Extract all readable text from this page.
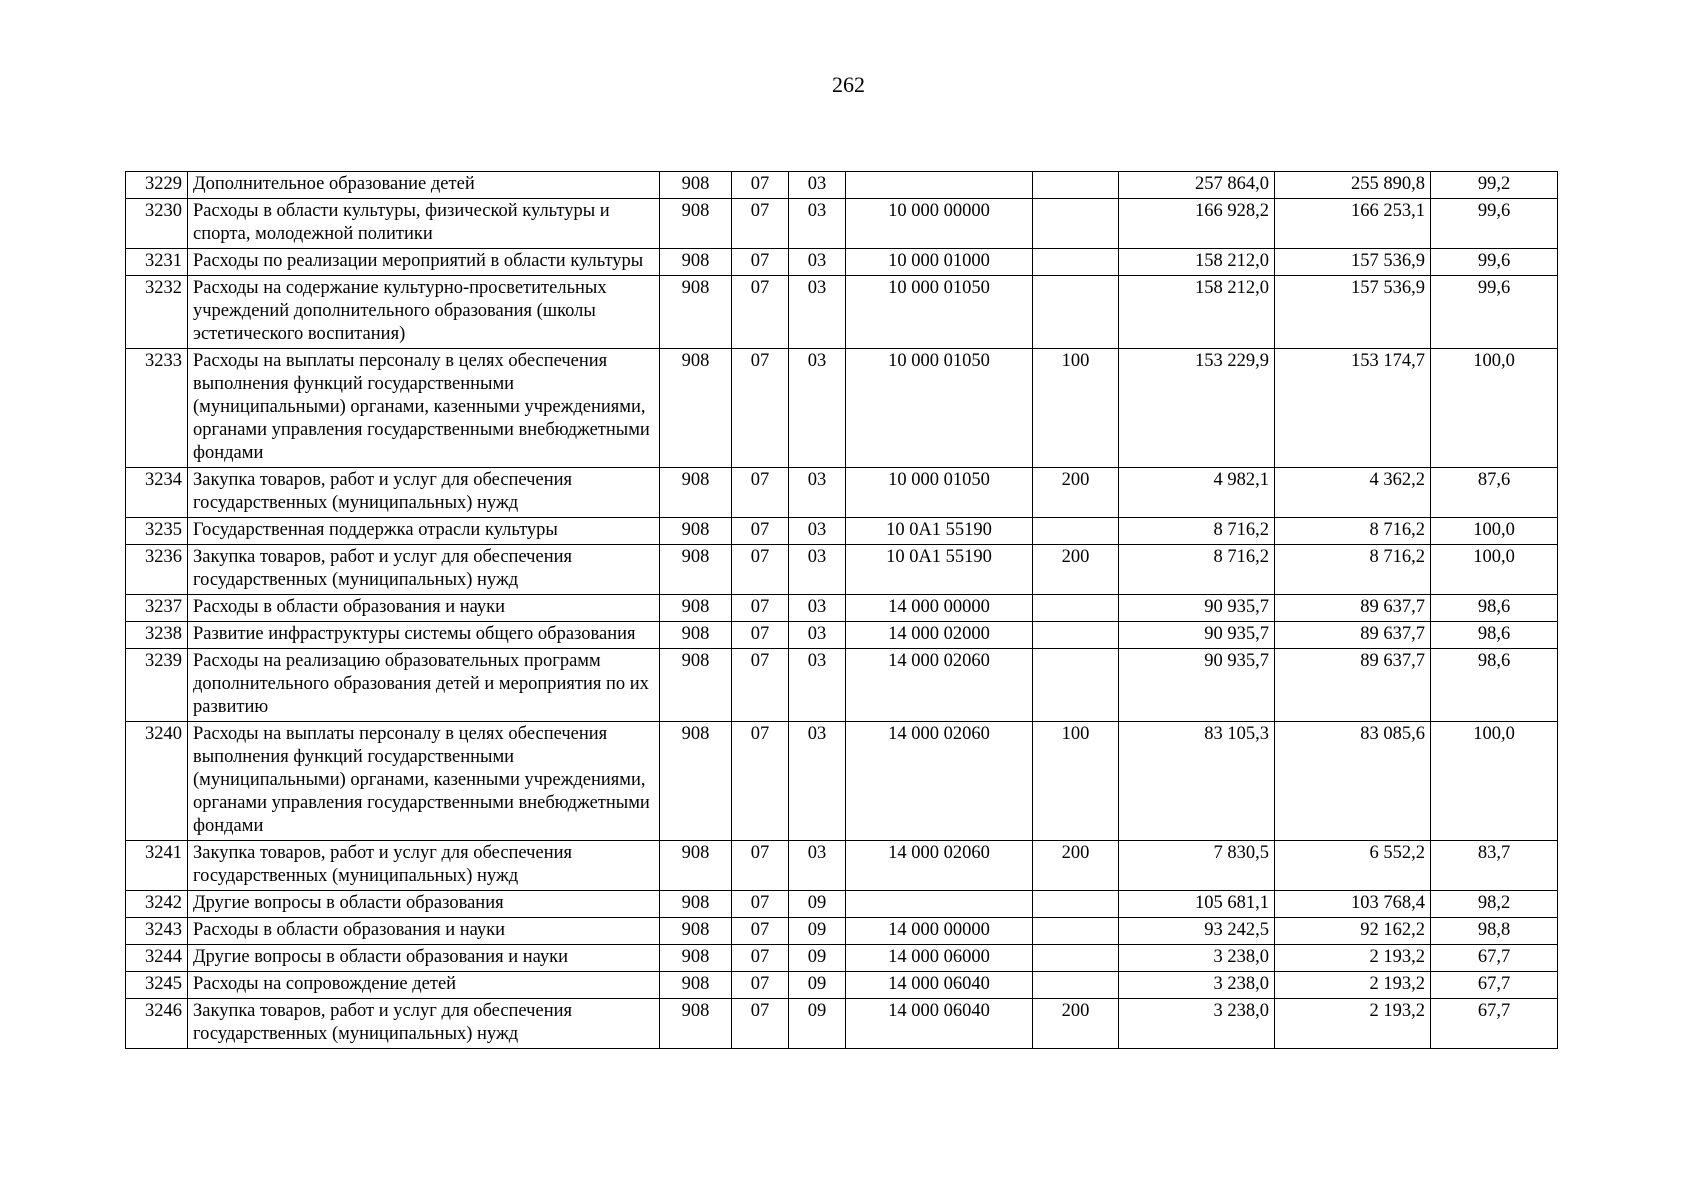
262
3229	Дополнительное образование детей	908	07	03			257 864,0	255 890,8	99,2
3230	Расходы в области культуры, физической культуры и спорта, молодежной политики	908	07	03	10 000 00000		166 928,2	166 253,1	99,6
3231	Расходы по реализации мероприятий в области культуры	908	07	03	10 000 01000		158 212,0	157 536,9	99,6
3232	Расходы на содержание культурно-просветительных учреждений дополнительного образования (школы эстетического воспитания)	908	07	03	10 000 01050		158 212,0	157 536,9	99,6
3233	Расходы на выплаты персоналу в целях обеспечения выполнения функций государственными (муниципальными) органами, казенными учреждениями, органами управления государственными внебюджетными фондами	908	07	03	10 000 01050	100	153 229,9	153 174,7	100,0
3234	Закупка товаров, работ и услуг для обеспечения государственных (муниципальных) нужд	908	07	03	10 000 01050	200	4 982,1	4 362,2	87,6
3235	Государственная поддержка отрасли культуры	908	07	03	10 0A1 55190		8 716,2	8 716,2	100,0
3236	Закупка товаров, работ и услуг для обеспечения государственных (муниципальных) нужд	908	07	03	10 0A1 55190	200	8 716,2	8 716,2	100,0
3237	Расходы в области образования и науки	908	07	03	14 000 00000		90 935,7	89 637,7	98,6
3238	Развитие инфраструктуры системы общего образования	908	07	03	14 000 02000		90 935,7	89 637,7	98,6
3239	Расходы на реализацию образовательных программ дополнительного образования детей и мероприятия по их развитию	908	07	03	14 000 02060		90 935,7	89 637,7	98,6
3240	Расходы на выплаты персоналу в целях обеспечения выполнения функций государственными (муниципальными) органами, казенными учреждениями, органами управления государственными внебюджетными фондами	908	07	03	14 000 02060	100	83 105,3	83 085,6	100,0
3241	Закупка товаров, работ и услуг для обеспечения государственных (муниципальных) нужд	908	07	03	14 000 02060	200	7 830,5	6 552,2	83,7
3242	Другие вопросы в области образования	908	07	09			105 681,1	103 768,4	98,2
3243	Расходы в области образования и науки	908	07	09	14 000 00000		93 242,5	92 162,2	98,8
3244	Другие вопросы в области образования и науки	908	07	09	14 000 06000		3 238,0	2 193,2	67,7
3245	Расходы на сопровождение детей	908	07	09	14 000 06040		3 238,0	2 193,2	67,7
3246	Закупка товаров, работ и услуг для обеспечения государственных (муниципальных) нужд	908	07	09	14 000 06040	200	3 238,0	2 193,2	67,7
